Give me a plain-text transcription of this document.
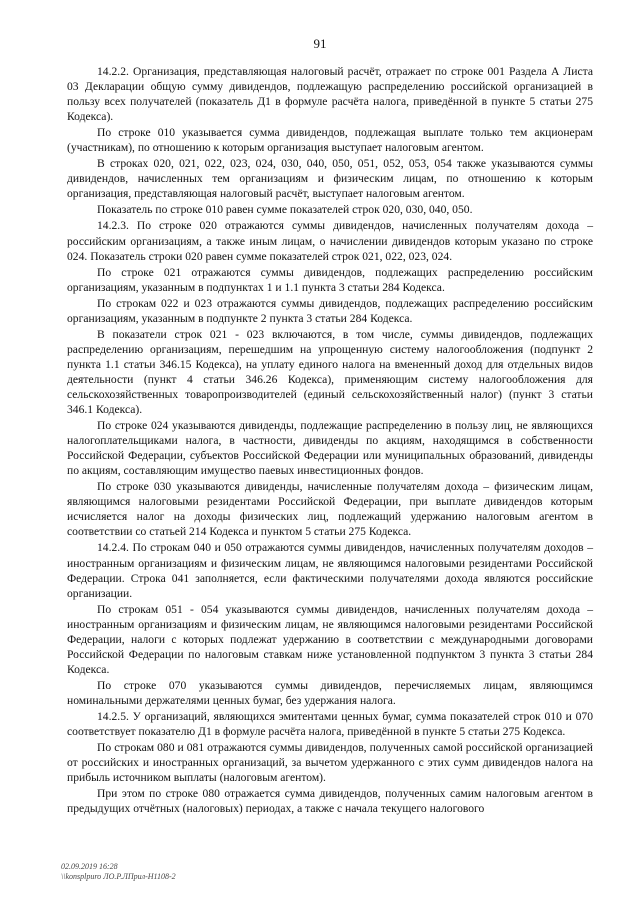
91

14.2.2. Организация, представляющая налоговый расчёт, отражает по строке 001 Раздела А Листа 03 Декларации общую сумму дивидендов, подлежащую распределению российской организацией в пользу всех получателей (показатель Д1 в формуле расчёта налога, приведённой в пункте 5 статьи 275 Кодекса).

По строке 010 указывается сумма дивидендов, подлежащая выплате только тем акционерам (участникам), по отношению к которым организация выступает налоговым агентом.

В строках 020, 021, 022, 023, 024, 030, 040, 050, 051, 052, 053, 054 также указываются суммы дивидендов, начисленных тем организациям и физическим лицам, по отношению к которым организация, представляющая налоговый расчёт, выступает налоговым агентом.

Показатель по строке 010 равен сумме показателей строк 020, 030, 040, 050.

14.2.3. По строке 020 отражаются суммы дивидендов, начисленных получателям дохода – российским организациям, а также иным лицам, о начислении дивидендов которым указано по строке 024. Показатель строки 020 равен сумме показателей строк 021, 022, 023, 024.

По строке 021 отражаются суммы дивидендов, подлежащих распределению российским организациям, указанным в подпунктах 1 и 1.1 пункта 3 статьи 284 Кодекса.

По строкам 022 и 023 отражаются суммы дивидендов, подлежащих распределению российским организациям, указанным в подпункте 2 пункта 3 статьи 284 Кодекса.

В показатели строк 021 - 023 включаются, в том числе, суммы дивидендов, подлежащих распределению организациям, перешедшим на упрощенную систему налогообложения (подпункт 2 пункта 1.1 статьи 346.15 Кодекса), на уплату единого налога на вмененный доход для отдельных видов деятельности (пункт 4 статьи 346.26 Кодекса), применяющим систему налогообложения для сельскохозяйственных товаропроизводителей (единый сельскохозяйственный налог) (пункт 3 статьи 346.1 Кодекса).

По строке 024 указываются дивиденды, подлежащие распределению в пользу лиц, не являющихся налогоплательщиками налога, в частности, дивиденды по акциям, находящимся в собственности Российской Федерации, субъектов Российской Федерации или муниципальных образований, дивиденды по акциям, составляющим имущество паевых инвестиционных фондов.

По строке 030 указываются дивиденды, начисленные получателям дохода – физическим лицам, являющимся налоговыми резидентами Российской Федерации, при выплате дивидендов которым исчисляется налог на доходы физических лиц, подлежащий удержанию налоговым агентом в соответствии со статьей 214 Кодекса и пунктом 5 статьи 275 Кодекса.

14.2.4. По строкам 040 и 050 отражаются суммы дивидендов, начисленных получателям доходов – иностранным организациям и физическим лицам, не являющимся налоговыми резидентами Российской Федерации. Строка 041 заполняется, если фактическими получателями дохода являются российские организации.

По строкам 051 - 054 указываются суммы дивидендов, начисленных получателям дохода – иностранным организациям и физическим лицам, не являющимся налоговыми резидентами Российской Федерации, налоги с которых подлежат удержанию в соответствии с международными договорами Российской Федерации по налоговым ставкам ниже установленной подпунктом 3 пункта 3 статьи 284 Кодекса.

По строке 070 указываются суммы дивидендов, перечисляемых лицам, являющимся номинальными держателями ценных бумаг, без удержания налога.

14.2.5. У организаций, являющихся эмитентами ценных бумаг, сумма показателей строк 010 и 070 соответствует показателю Д1 в формуле расчёта налога, приведённой в пункте 5 статьи 275 Кодекса.

По строкам 080 и 081 отражаются суммы дивидендов, полученных самой российской организацией от российских и иностранных организаций, за вычетом удержанного с этих сумм дивидендов налога на прибыль источником выплаты (налоговым агентом).

При этом по строке 080 отражается сумма дивидендов, полученных самим налоговым агентом в предыдущих отчётных (налоговых) периодах, а также с начала текущего налогового

02.09.2019 16:28
\\konsplpuro ЛО.Р.ЛПрил-Н1108-2
